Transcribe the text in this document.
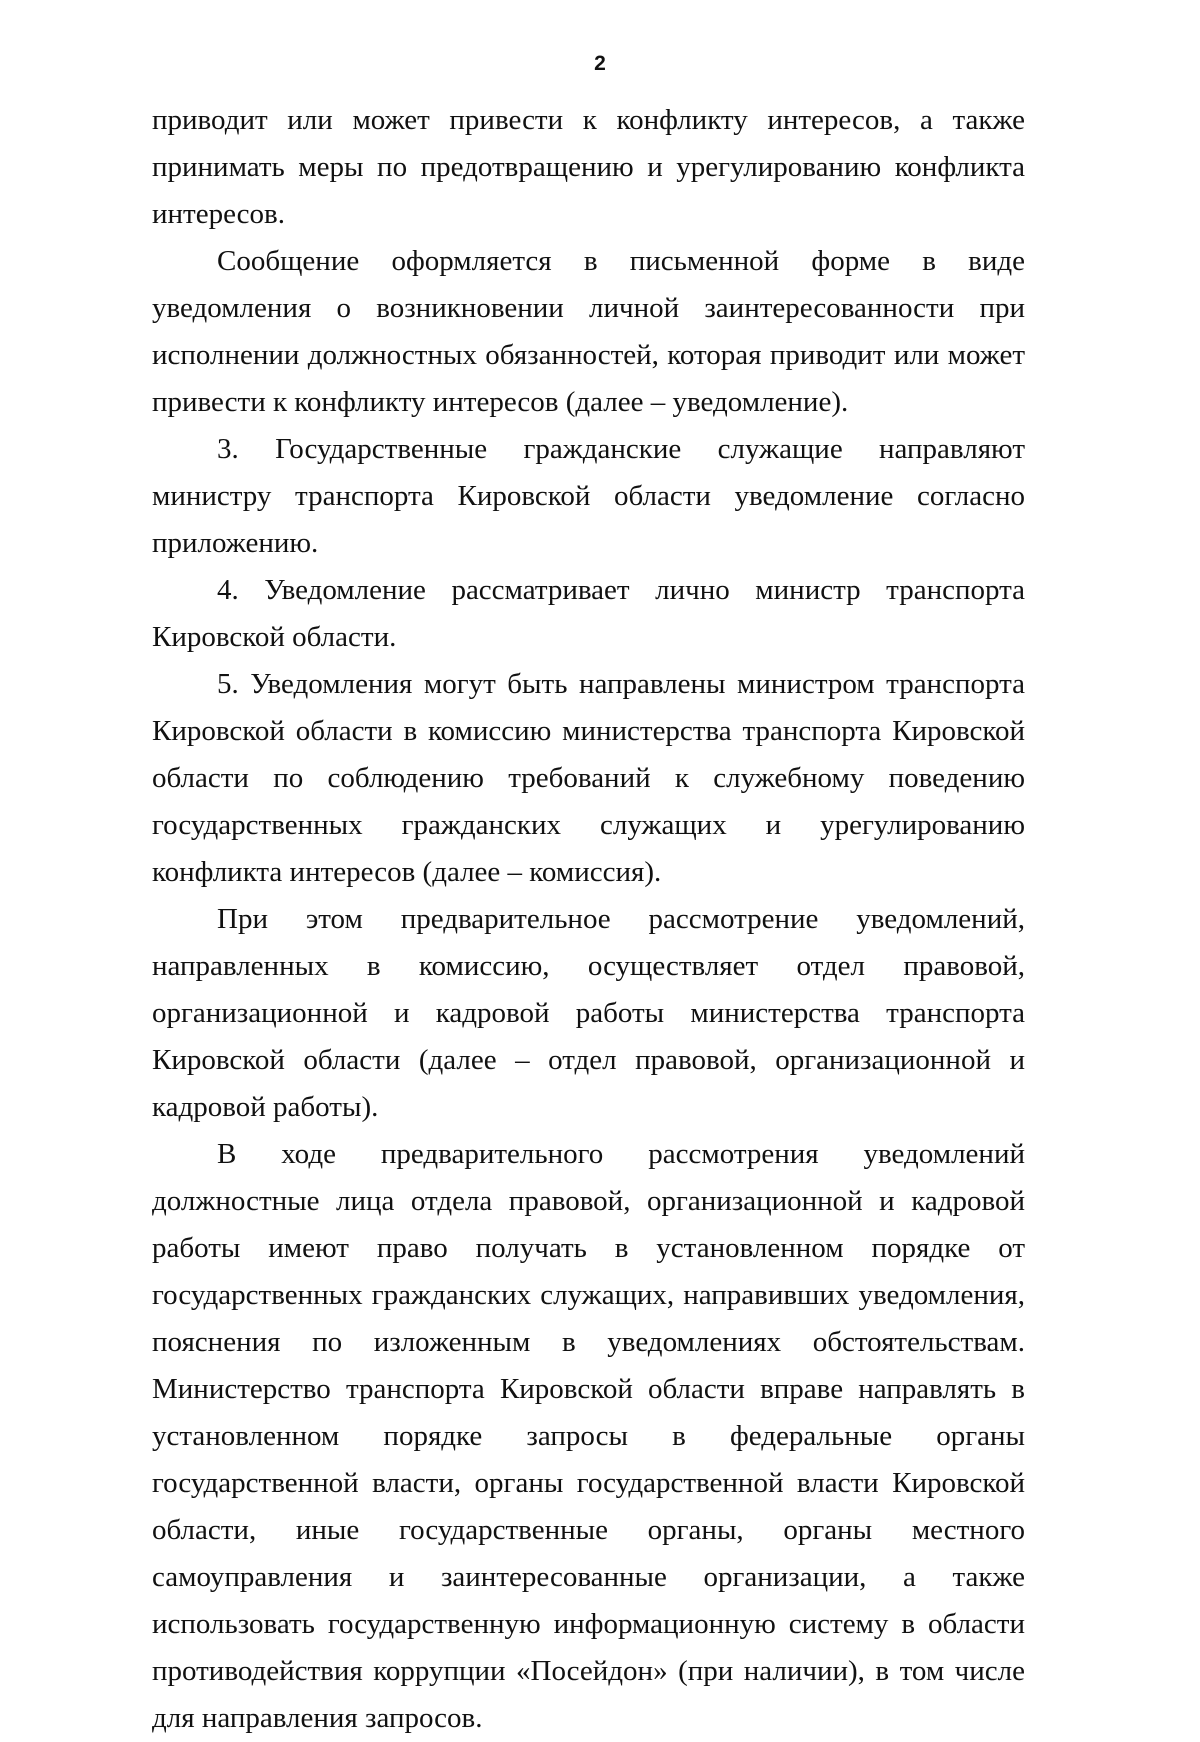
2

приводит или может привести к конфликту интересов, а также принимать меры по предотвращению и урегулированию конфликта интересов.

Сообщение оформляется в письменной форме в виде уведомления о возникновении личной заинтересованности при исполнении должностных обязанностей, которая приводит или может привести к конфликту интересов (далее – уведомление).

3. Государственные гражданские служащие направляют министру транспорта Кировской области уведомление согласно приложению.

4. Уведомление рассматривает лично министр транспорта Кировской области.

5. Уведомления могут быть направлены министром транспорта Кировской области в комиссию министерства транспорта Кировской области по соблюдению требований к служебному поведению государственных гражданских служащих и урегулированию конфликта интересов (далее – комиссия).

При этом предварительное рассмотрение уведомлений, направленных в комиссию, осуществляет отдел правовой, организационной и кадровой работы министерства транспорта Кировской области (далее – отдел правовой, организационной и кадровой работы).

В ходе предварительного рассмотрения уведомлений должностные лица отдела правовой, организационной и кадровой работы имеют право получать в установленном порядке от государственных гражданских служащих, направивших уведомления, пояснения по изложенным в уведомлениях обстоятельствам. Министерство транспорта Кировской области вправе направлять в установленном порядке запросы в федеральные органы государственной власти, органы государственной власти Кировской области, иные государственные органы, органы местного самоуправления и заинтересованные организации, а также использовать государственную информационную систему в области противодействия коррупции «Посейдон» (при наличии), в том числе для направления запросов.
